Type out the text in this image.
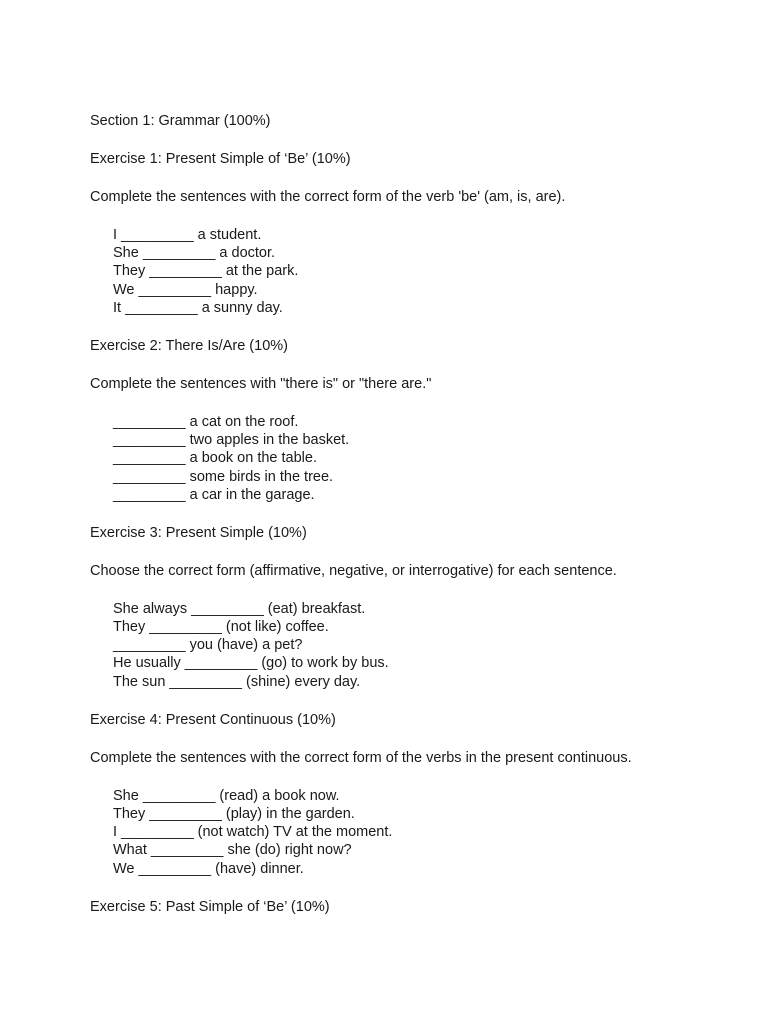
Section 1: Grammar (100%)
Exercise 1: Present Simple of ‘Be’ (10%)
Complete the sentences with the correct form of the verb 'be' (am, is, are).
I _________ a student.
She _________ a doctor.
They _________ at the park.
We _________ happy.
It _________ a sunny day.
Exercise 2: There Is/Are (10%)
Complete the sentences with "there is" or "there are."
_________ a cat on the roof.
_________ two apples in the basket.
_________ a book on the table.
_________ some birds in the tree.
_________ a car in the garage.
Exercise 3: Present Simple (10%)
Choose the correct form (affirmative, negative, or interrogative) for each sentence.
She always _________ (eat) breakfast.
They _________ (not like) coffee.
_________ you (have) a pet?
He usually _________ (go) to work by bus.
The sun _________ (shine) every day.
Exercise 4: Present Continuous (10%)
Complete the sentences with the correct form of the verbs in the present continuous.
She _________ (read) a book now.
They _________ (play) in the garden.
I _________ (not watch) TV at the moment.
What _________ she (do) right now?
We _________ (have) dinner.
Exercise 5: Past Simple of ‘Be’ (10%)
